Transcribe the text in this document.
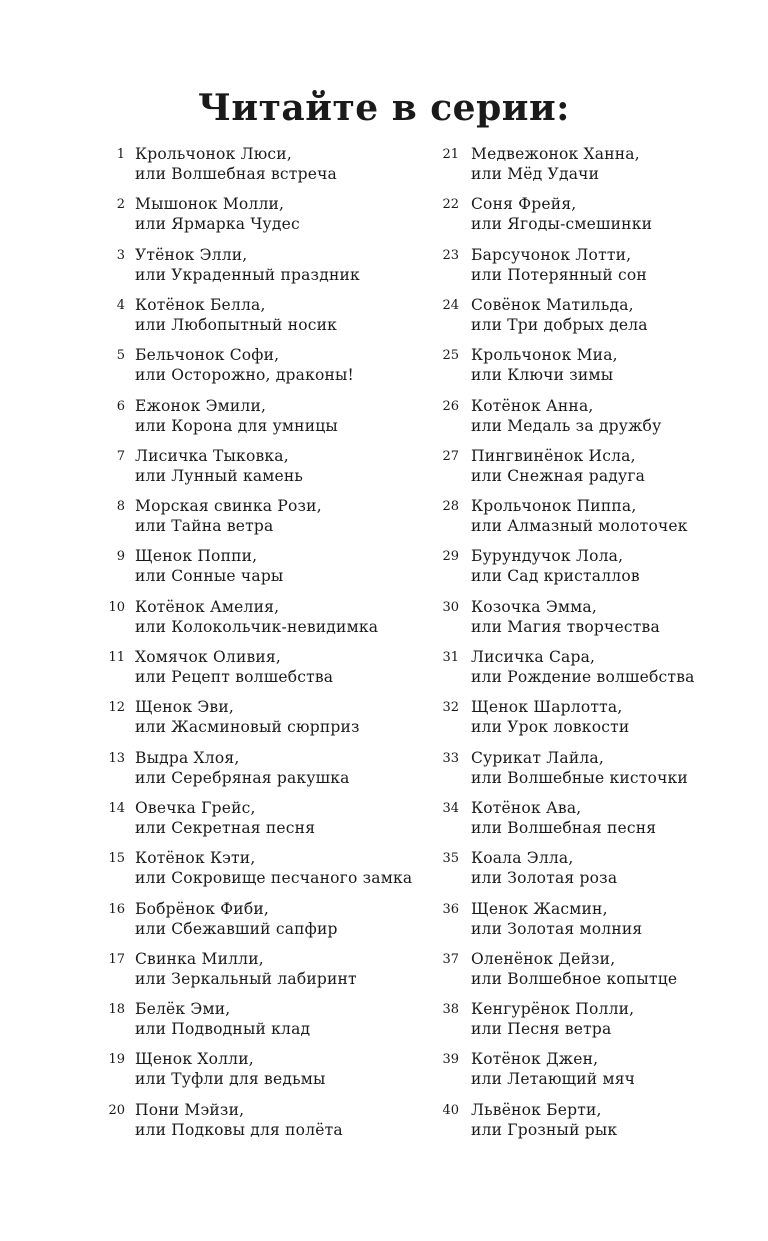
Читайте в серии:
1 Крольчонок Люси,
или Волшебная встреча
2 Мышонок Молли,
или Ярмарка Чудес
3 Утёнок Элли,
или Украденный праздник
4 Котёнок Белла,
или Любопытный носик
5 Бельчонок Софи,
или Осторожно, драконы!
6 Ежонок Эмили,
или Корона для умницы
7 Лисичка Тыковка,
или Лунный камень
8 Морская свинка Рози,
или Тайна ветра
9 Щенок Поппи,
или Сонные чары
10 Котёнок Амелия,
или Колокольчик-невидимка
11 Хомячок Оливия,
или Рецепт волшебства
12 Щенок Эви,
или Жасминовый сюрприз
13 Выдра Хлоя,
или Серебряная ракушка
14 Овечка Грейс,
или Секретная песня
15 Котёнок Кэти,
или Сокровище песчаного замка
16 Бобрёнок Фиби,
или Сбежавший сапфир
17 Свинка Милли,
или Зеркальный лабиринт
18 Белёк Эми,
или Подводный клад
19 Щенок Холли,
или Туфли для ведьмы
20 Пони Мэйзи,
или Подковы для полёта
21 Медвежонок Ханна,
или Мёд Удачи
22 Соня Фрейя,
или Ягоды-смешинки
23 Барсучонок Лотти,
или Потерянный сон
24 Совёнок Матильда,
или Три добрых дела
25 Крольчонок Миа,
или Ключи зимы
26 Котёнок Анна,
или Медаль за дружбу
27 Пингвинёнок Исла,
или Снежная радуга
28 Крольчонок Пиппа,
или Алмазный молоточек
29 Бурундучок Лола,
или Сад кристаллов
30 Козочка Эмма,
или Магия творчества
31 Лисичка Сара,
или Рождение волшебства
32 Щенок Шарлотта,
или Урок ловкости
33 Сурикат Лайла,
или Волшебные кисточки
34 Котёнок Ава,
или Волшебная песня
35 Коала Элла,
или Золотая роза
36 Щенок Жасмин,
или Золотая молния
37 Оленёнок Дейзи,
или Волшебное копытце
38 Кенгурёнок Полли,
или Песня ветра
39 Котёнок Джен,
или Летающий мяч
40 Львёнок Берти,
или Грозный рык
